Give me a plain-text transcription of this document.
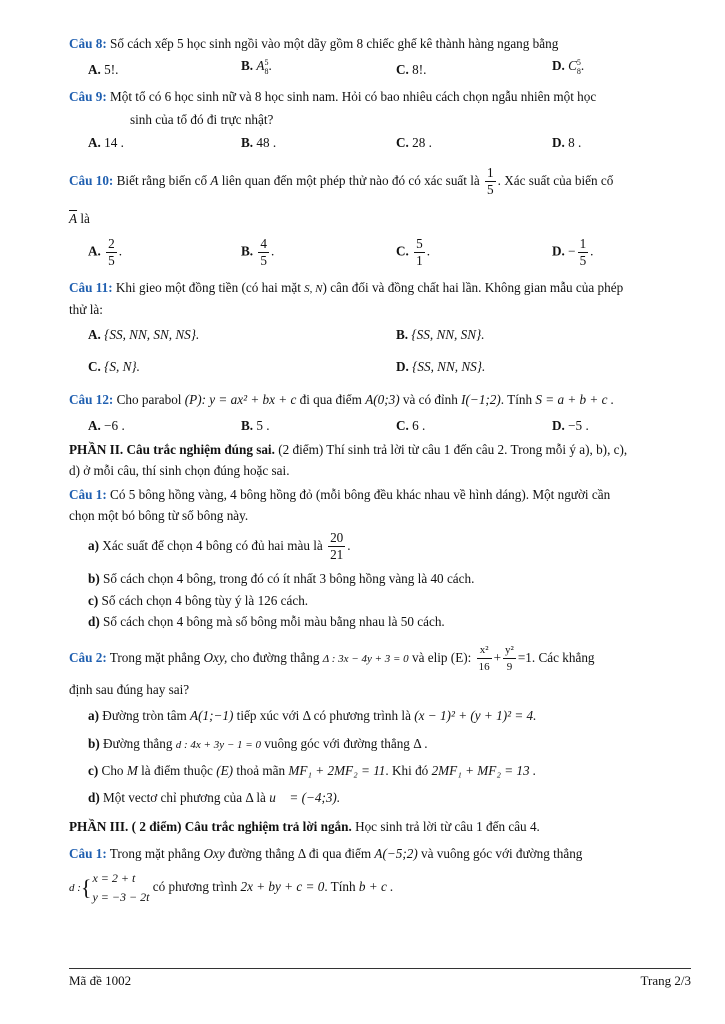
Câu 8: Số cách xếp 5 học sinh ngồi vào một dãy gồm 8 chiếc ghế kê thành hàng ngang bằng
A. 5!.	B. A 5
8 .	C. 8!.	D. C 5
8 .
Câu 9: Một tổ có 6 học sinh nữ và 8 học sinh nam. Hỏi có bao nhiêu cách chọn ngẫu nhiên một học
sinh của tổ đó đi trực nhật?
A. 14 .	B. 48 .	C. 28 .	D. 8 .
Câu 10: Biết rằng biến cố A liên quan đến một phép thử nào đó có xác suất là $\frac{1}{5}$ . Xác suất của biến cố
$\overline{A}$ là
A. $\frac{2}{5}$ .	B. $\frac{4}{5}$ .	C. $\frac{5}{1}$ .	D. − $\frac{1}{5}$ .
Câu 11: Khi gieo một đồng tiền (có hai mặt S, N) cân đối và đồng chất hai lần. Không gian mẫu của phép
thử là:
A. {SS, NN, SN, NS}.	B. {SS, NN, SN}.
C. {S, N}.	D. {SS, NN, NS}.
Câu 12: Cho parabol (P): y = ax² + bx + c đi qua điểm A(0;3) và có đỉnh I(−1;2). Tính S = a + b + c .
A. −6 .	B. 5 .	C. 6 .	D. −5 .
PHẦN II. Câu trắc nghiệm đúng sai. (2 điểm) Thí sinh trả lời từ câu 1 đến câu 2. Trong mỗi ý a), b), c),
d) ở mỗi câu, thí sinh chọn đúng hoặc sai.
Câu 1: Có 5 bông hồng vàng, 4 bông hồng đỏ (mỗi bông đều khác nhau về hình dáng). Một người cần
chọn một bó bông từ số bông này.
a) Xác suất để chọn 4 bông có đủ hai màu là $\frac{20}{21}$ .
b) Số cách chọn 4 bông, trong đó có ít nhất 3 bông hồng vàng là 40 cách.
c) Số cách chọn 4 bông tùy ý là 126 cách.
d) Số cách chọn 4 bông mà số bông mỗi màu bằng nhau là 50 cách.
Câu 2: Trong mặt phẳng Oxy, cho đường thẳng Δ : 3x − 4y + 3 = 0 và elip (E): $\frac{\text{x²}}{16} + \frac{\text{y²}}{9} =1$. Các khẳng
định sau đúng hay sai?
a) Đường tròn tâm A(1;−1) tiếp xúc với Δ có phương trình là (x − 1)² + (y + 1)² = 4.
b) Đường thẳng d : 4x + 3y − 1 = 0 vuông góc với đường thẳng Δ .
c) Cho M là điểm thuộc (E) thoả mãn MF₁ + 2MF₂ = 11. Khi đó 2MF₁ + MF₂ = 13 .
d) Một vectơ chỉ phương của Δ là u⃗ = (−4;3).
PHẦN III. ( 2 điểm) Câu trắc nghiệm trả lời ngắn. Học sinh trả lời từ câu 1 đến câu 4.
Câu 1: Trong mặt phẳng Oxy đường thẳng Δ đi qua điểm A(−5;2) và vuông góc với đường thẳng
d :{ x = 2 + t
y = −3 − 2t
có phương trình 2x + by + c = 0. Tính b + c .
Mã đề 1002	Trang 2/3
